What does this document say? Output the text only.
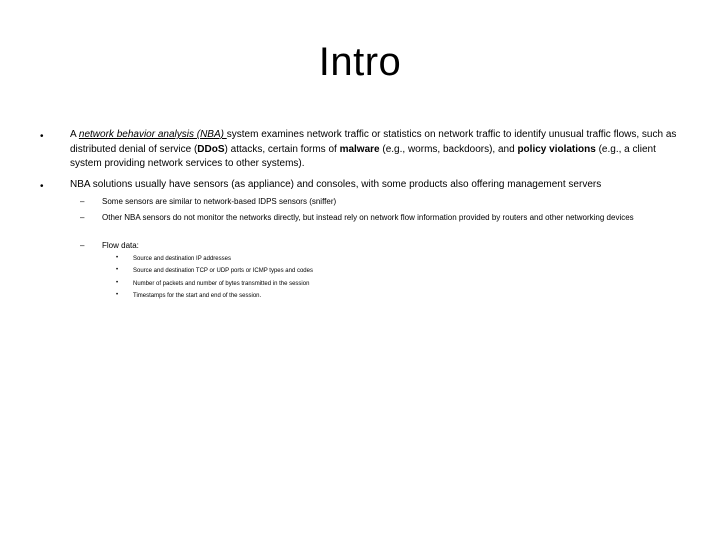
Intro
•	A network behavior analysis (NBA) system examines network traffic or statistics on network traffic to identify unusual traffic flows, such as distributed denial of service (DDoS) attacks, certain forms of malware (e.g., worms, backdoors), and policy violations (e.g., a client system providing network services to other systems).
•	NBA solutions usually have sensors (as appliance) and consoles, with some products also offering management servers
– Some sensors are similar to network-based IDPS sensors (sniffer)
– Other NBA sensors do not monitor the networks directly, but instead rely on network flow information provided by routers and other networking devices
– Flow data:
• Source and destination IP addresses
• Source and destination TCP or UDP ports or ICMP types and codes
• Number of packets and number of bytes transmitted in the session
• Timestamps for the start and end of the session.
